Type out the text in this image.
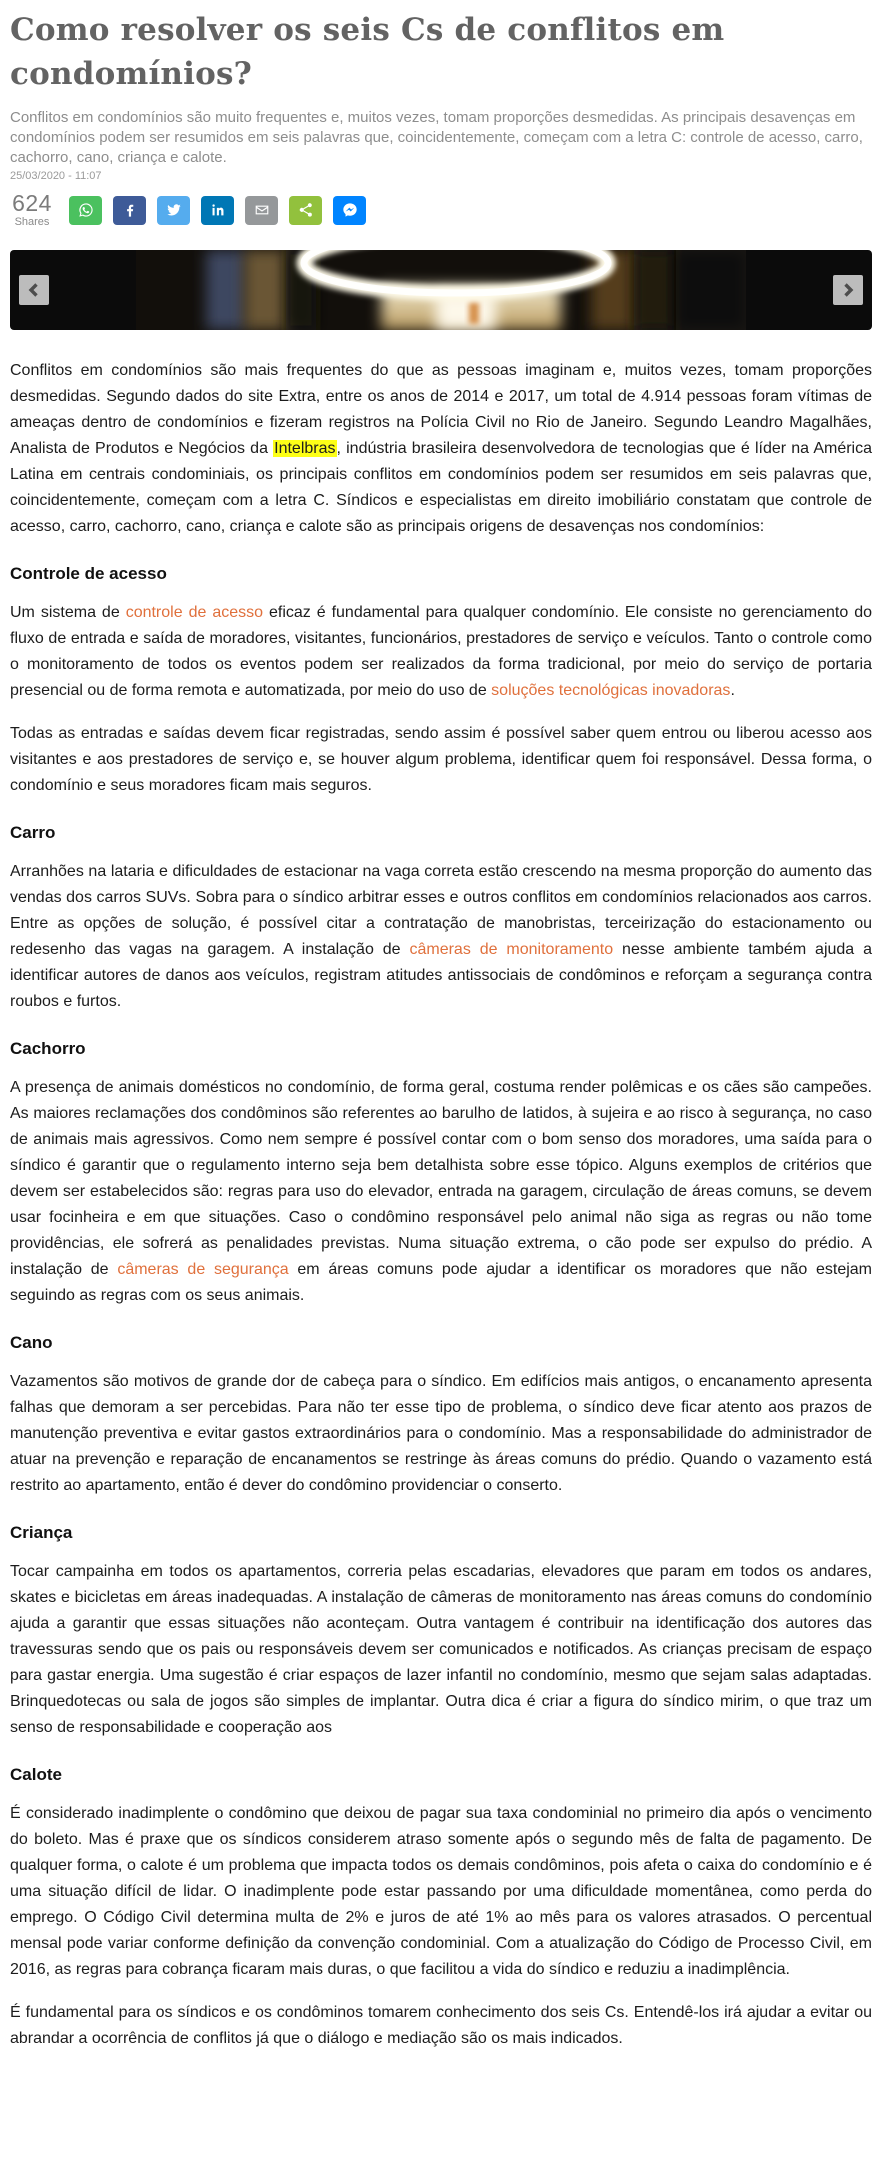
Como resolver os seis Cs de conflitos em condomínios?

Conflitos em condomínios são muito frequentes e, muitos vezes, tomam proporções desmedidas. As principais desavenças em condomínios podem ser resumidos em seis palavras que, coincidentemente, começam com a letra C: controle de acesso, carro, cachorro, cano, criança e calote.

25/03/2020 - 11:07
624
Shares

Conflitos em condomínios são mais frequentes do que as pessoas imaginam e, muitos vezes, tomam proporções desmedidas. Segundo dados do site Extra, entre os anos de 2014 e 2017, um total de 4.914 pessoas foram vítimas de ameaças dentro de condomínios e fizeram registros na Polícia Civil no Rio de Janeiro. Segundo Leandro Magalhães, Analista de Produtos e Negócios da Intelbras, indústria brasileira desenvolvedora de tecnologias que é líder na América Latina em centrais condominiais, os principais conflitos em condomínios podem ser resumidos em seis palavras que, coincidentemente, começam com a letra C. Síndicos e especialistas em direito imobiliário constatam que controle de acesso, carro, cachorro, cano, criança e calote são as principais origens de desavenças nos condomínios:

Controle de acesso

Um sistema de controle de acesso eficaz é fundamental para qualquer condomínio. Ele consiste no gerenciamento do fluxo de entrada e saída de moradores, visitantes, funcionários, prestadores de serviço e veículos. Tanto o controle como o monitoramento de todos os eventos podem ser realizados da forma tradicional, por meio do serviço de portaria presencial ou de forma remota e automatizada, por meio do uso de soluções tecnológicas inovadoras.

Todas as entradas e saídas devem ficar registradas, sendo assim é possível saber quem entrou ou liberou acesso aos visitantes e aos prestadores de serviço e, se houver algum problema, identificar quem foi responsável. Dessa forma, o condomínio e seus moradores ficam mais seguros.

Carro

Arranhões na lataria e dificuldades de estacionar na vaga correta estão crescendo na mesma proporção do aumento das vendas dos carros SUVs. Sobra para o síndico arbitrar esses e outros conflitos em condomínios relacionados aos carros. Entre as opções de solução, é possível citar a contratação de manobristas, terceirização do estacionamento ou redesenho das vagas na garagem. A instalação de câmeras de monitoramento nesse ambiente também ajuda a identificar autores de danos aos veículos, registram atitudes antissociais de condôminos e reforçam a segurança contra roubos e furtos.

Cachorro

A presença de animais domésticos no condomínio, de forma geral, costuma render polêmicas e os cães são campeões. As maiores reclamações dos condôminos são referentes ao barulho de latidos, à sujeira e ao risco à segurança, no caso de animais mais agressivos. Como nem sempre é possível contar com o bom senso dos moradores, uma saída para o síndico é garantir que o regulamento interno seja bem detalhista sobre esse tópico. Alguns exemplos de critérios que devem ser estabelecidos são: regras para uso do elevador, entrada na garagem, circulação de áreas comuns, se devem usar focinheira e em que situações. Caso o condômino responsável pelo animal não siga as regras ou não tome providências, ele sofrerá as penalidades previstas. Numa situação extrema, o cão pode ser expulso do prédio. A instalação de câmeras de segurança em áreas comuns pode ajudar a identificar os moradores que não estejam seguindo as regras com os seus animais.

Cano

Vazamentos são motivos de grande dor de cabeça para o síndico. Em edifícios mais antigos, o encanamento apresenta falhas que demoram a ser percebidas. Para não ter esse tipo de problema, o síndico deve ficar atento aos prazos de manutenção preventiva e evitar gastos extraordinários para o condomínio. Mas a responsabilidade do administrador de atuar na prevenção e reparação de encanamentos se restringe às áreas comuns do prédio. Quando o vazamento está restrito ao apartamento, então é dever do condômino providenciar o conserto.

Criança

Tocar campainha em todos os apartamentos, correria pelas escadarias, elevadores que param em todos os andares, skates e bicicletas em áreas inadequadas. A instalação de câmeras de monitoramento nas áreas comuns do condomínio ajuda a garantir que essas situações não aconteçam. Outra vantagem é contribuir na identificação dos autores das travessuras sendo que os pais ou responsáveis devem ser comunicados e notificados. As crianças precisam de espaço para gastar energia. Uma sugestão é criar espaços de lazer infantil no condomínio, mesmo que sejam salas adaptadas. Brinquedotecas ou sala de jogos são simples de implantar. Outra dica é criar a figura do síndico mirim, o que traz um senso de responsabilidade e cooperação aos

Calote

É considerado inadimplente o condômino que deixou de pagar sua taxa condominial no primeiro dia após o vencimento do boleto. Mas é praxe que os síndicos considerem atraso somente após o segundo mês de falta de pagamento. De qualquer forma, o calote é um problema que impacta todos os demais condôminos, pois afeta o caixa do condomínio e é uma situação difícil de lidar. O inadimplente pode estar passando por uma dificuldade momentânea, como perda do emprego. O Código Civil determina multa de 2% e juros de até 1% ao mês para os valores atrasados. O percentual mensal pode variar conforme definição da convenção condominial. Com a atualização do Código de Processo Civil, em 2016, as regras para cobrança ficaram mais duras, o que facilitou a vida do síndico e reduziu a inadimplência.

É fundamental para os síndicos e os condôminos tomarem conhecimento dos seis Cs. Entendê-los irá ajudar a evitar ou abrandar a ocorrência de conflitos já que o diálogo e mediação são os mais indicados.
